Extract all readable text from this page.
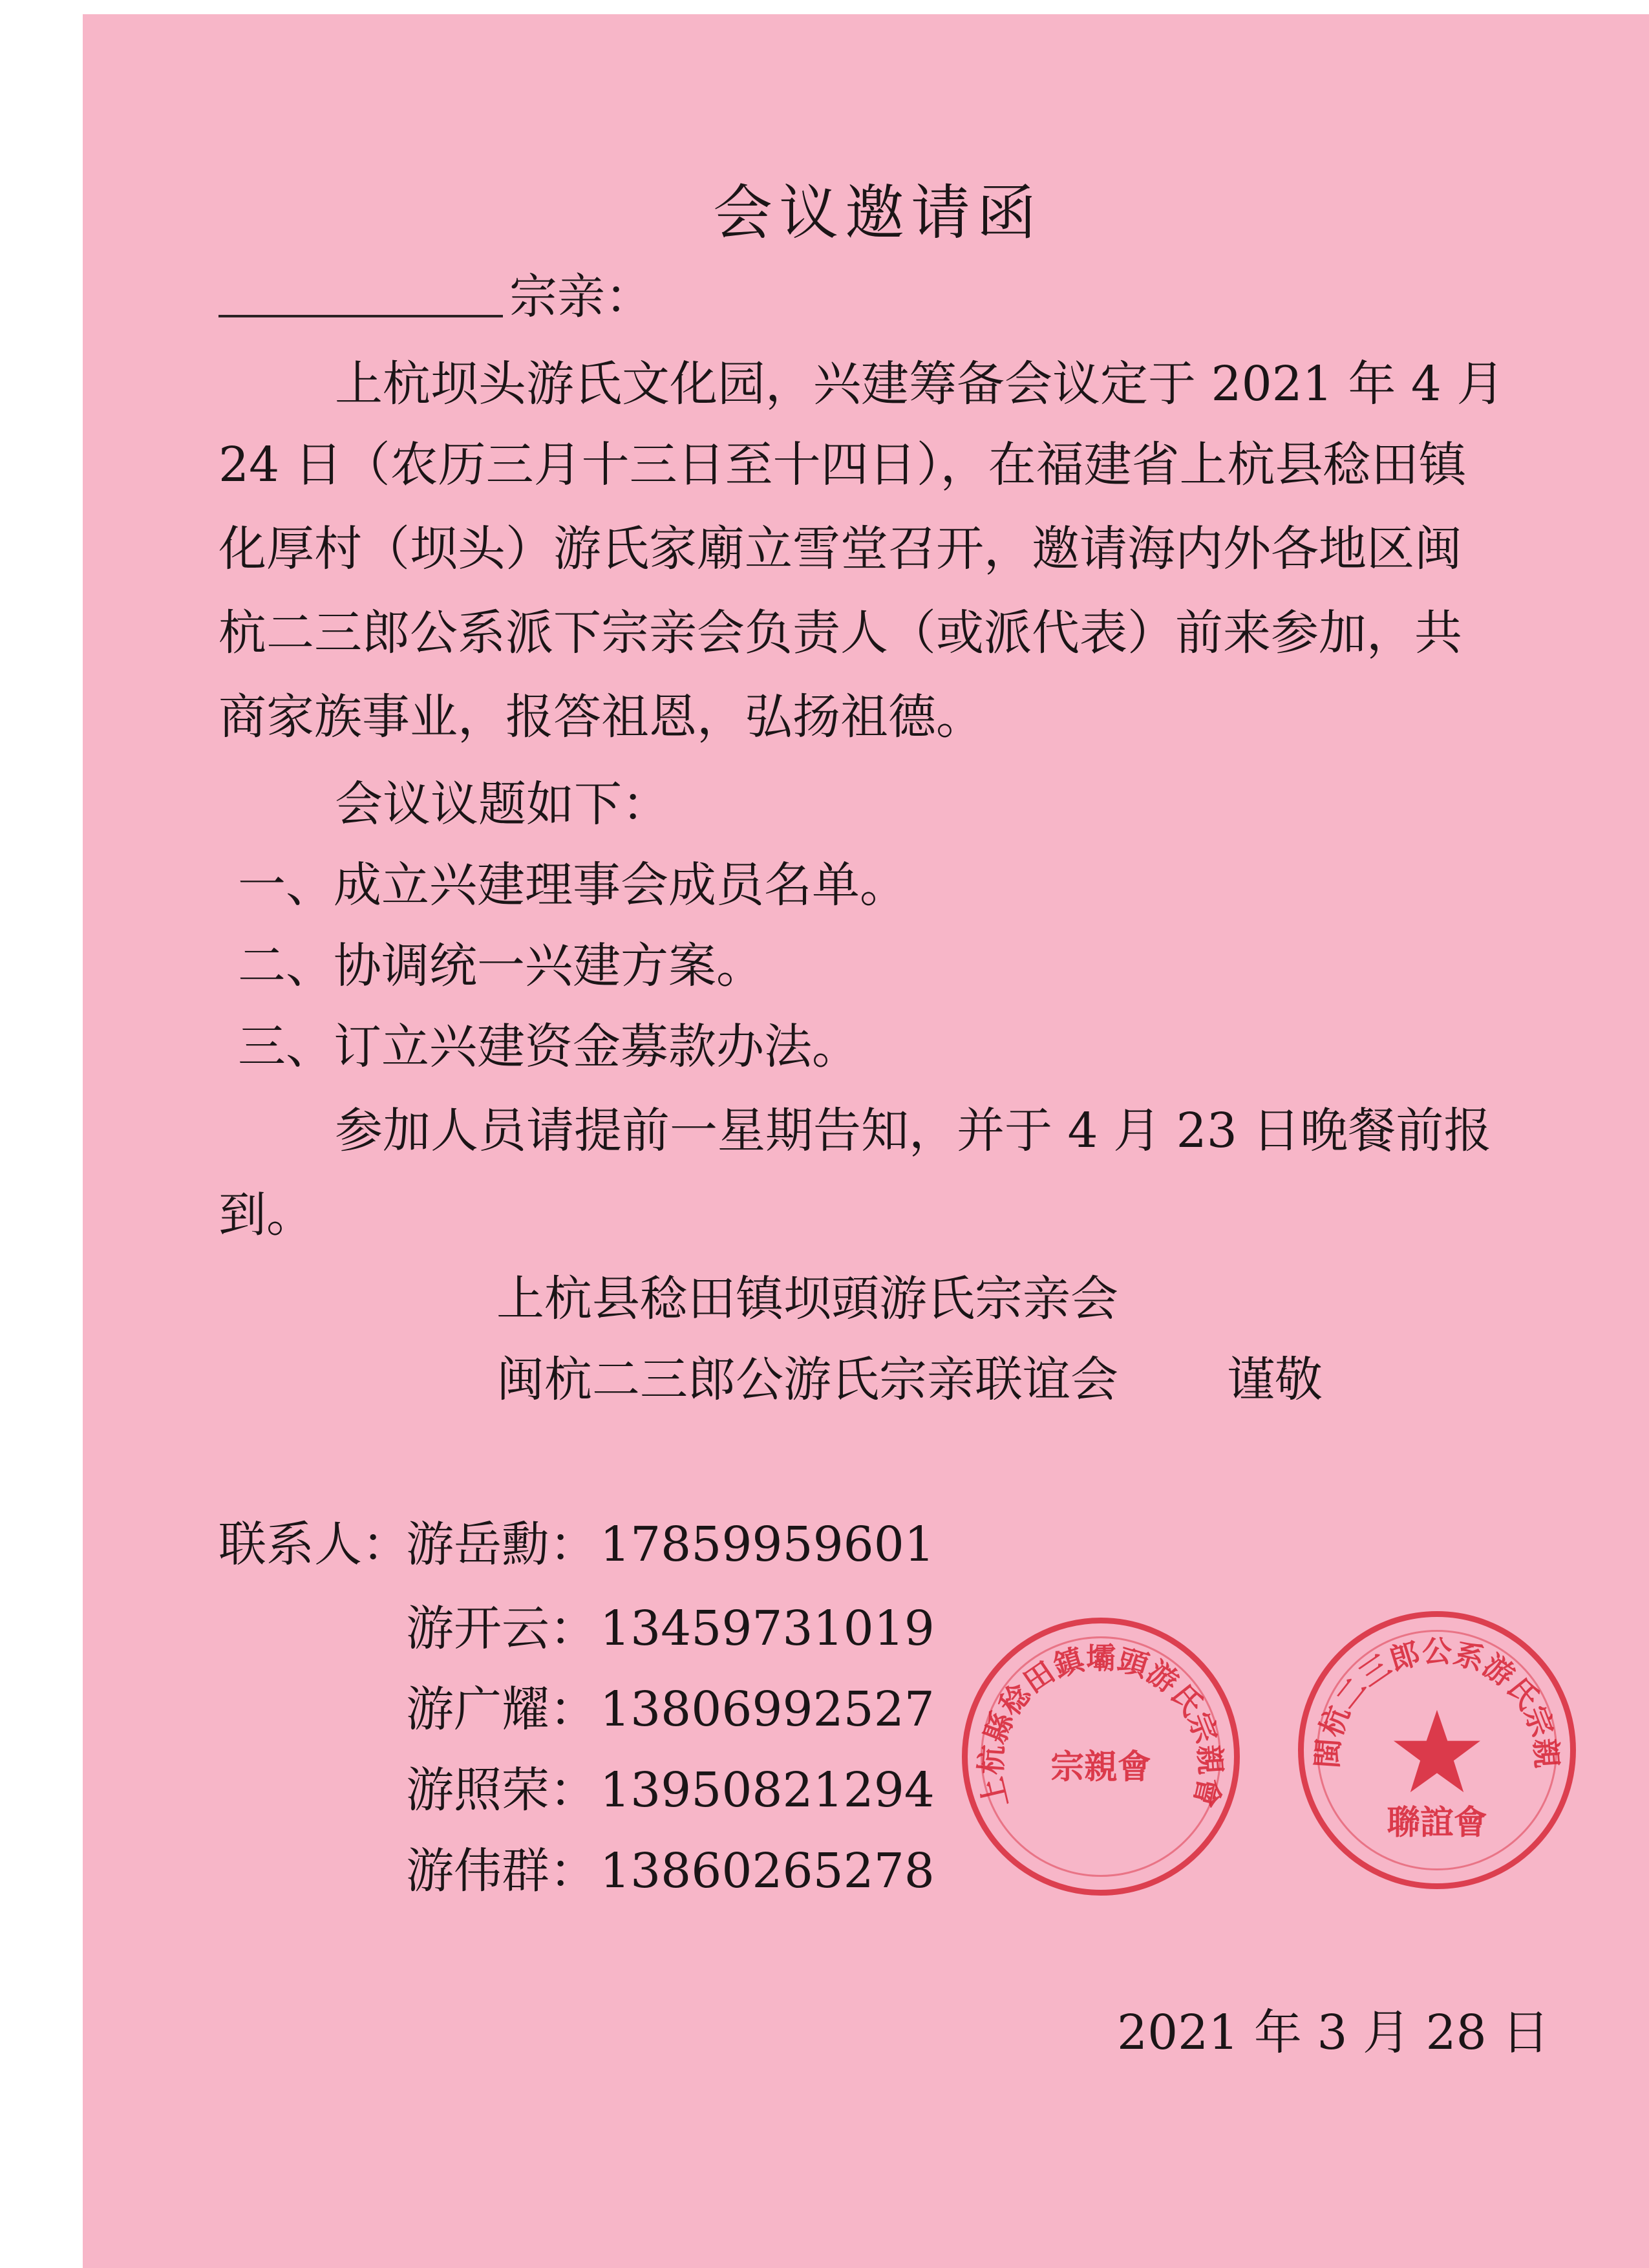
会议邀请函
宗亲：
上杭坝头游氏文化园，兴建筹备会议定于 2021 年 4 月
24 日（农历三月十三日至十四日），在福建省上杭县稔田镇
化厚村（坝头）游氏家廟立雪堂召开，邀请海内外各地区闽
杭二三郎公系派下宗亲会负责人（或派代表）前来参加，共
商家族事业，报答祖恩，弘扬祖德。
会议议题如下：
一、成立兴建理事会成员名单。
二、协调统一兴建方案。
三、订立兴建资金募款办法。
参加人员请提前一星期告知，并于 4 月 23 日晚餐前报
到。
上杭县稔田镇坝頭游氏宗亲会
闽杭二三郎公游氏宗亲联谊会 谨敬
联系人：
游岳勳： 17859959601
游开云： 13459731019
游广耀： 13806992527
游照荣： 13950821294
游伟群： 13860265278
2021 年 3 月 28 日
上杭縣稔田鎮壩頭游氏宗親會
宗親會	閩杭二三郎公系游氏宗親
聯誼會
